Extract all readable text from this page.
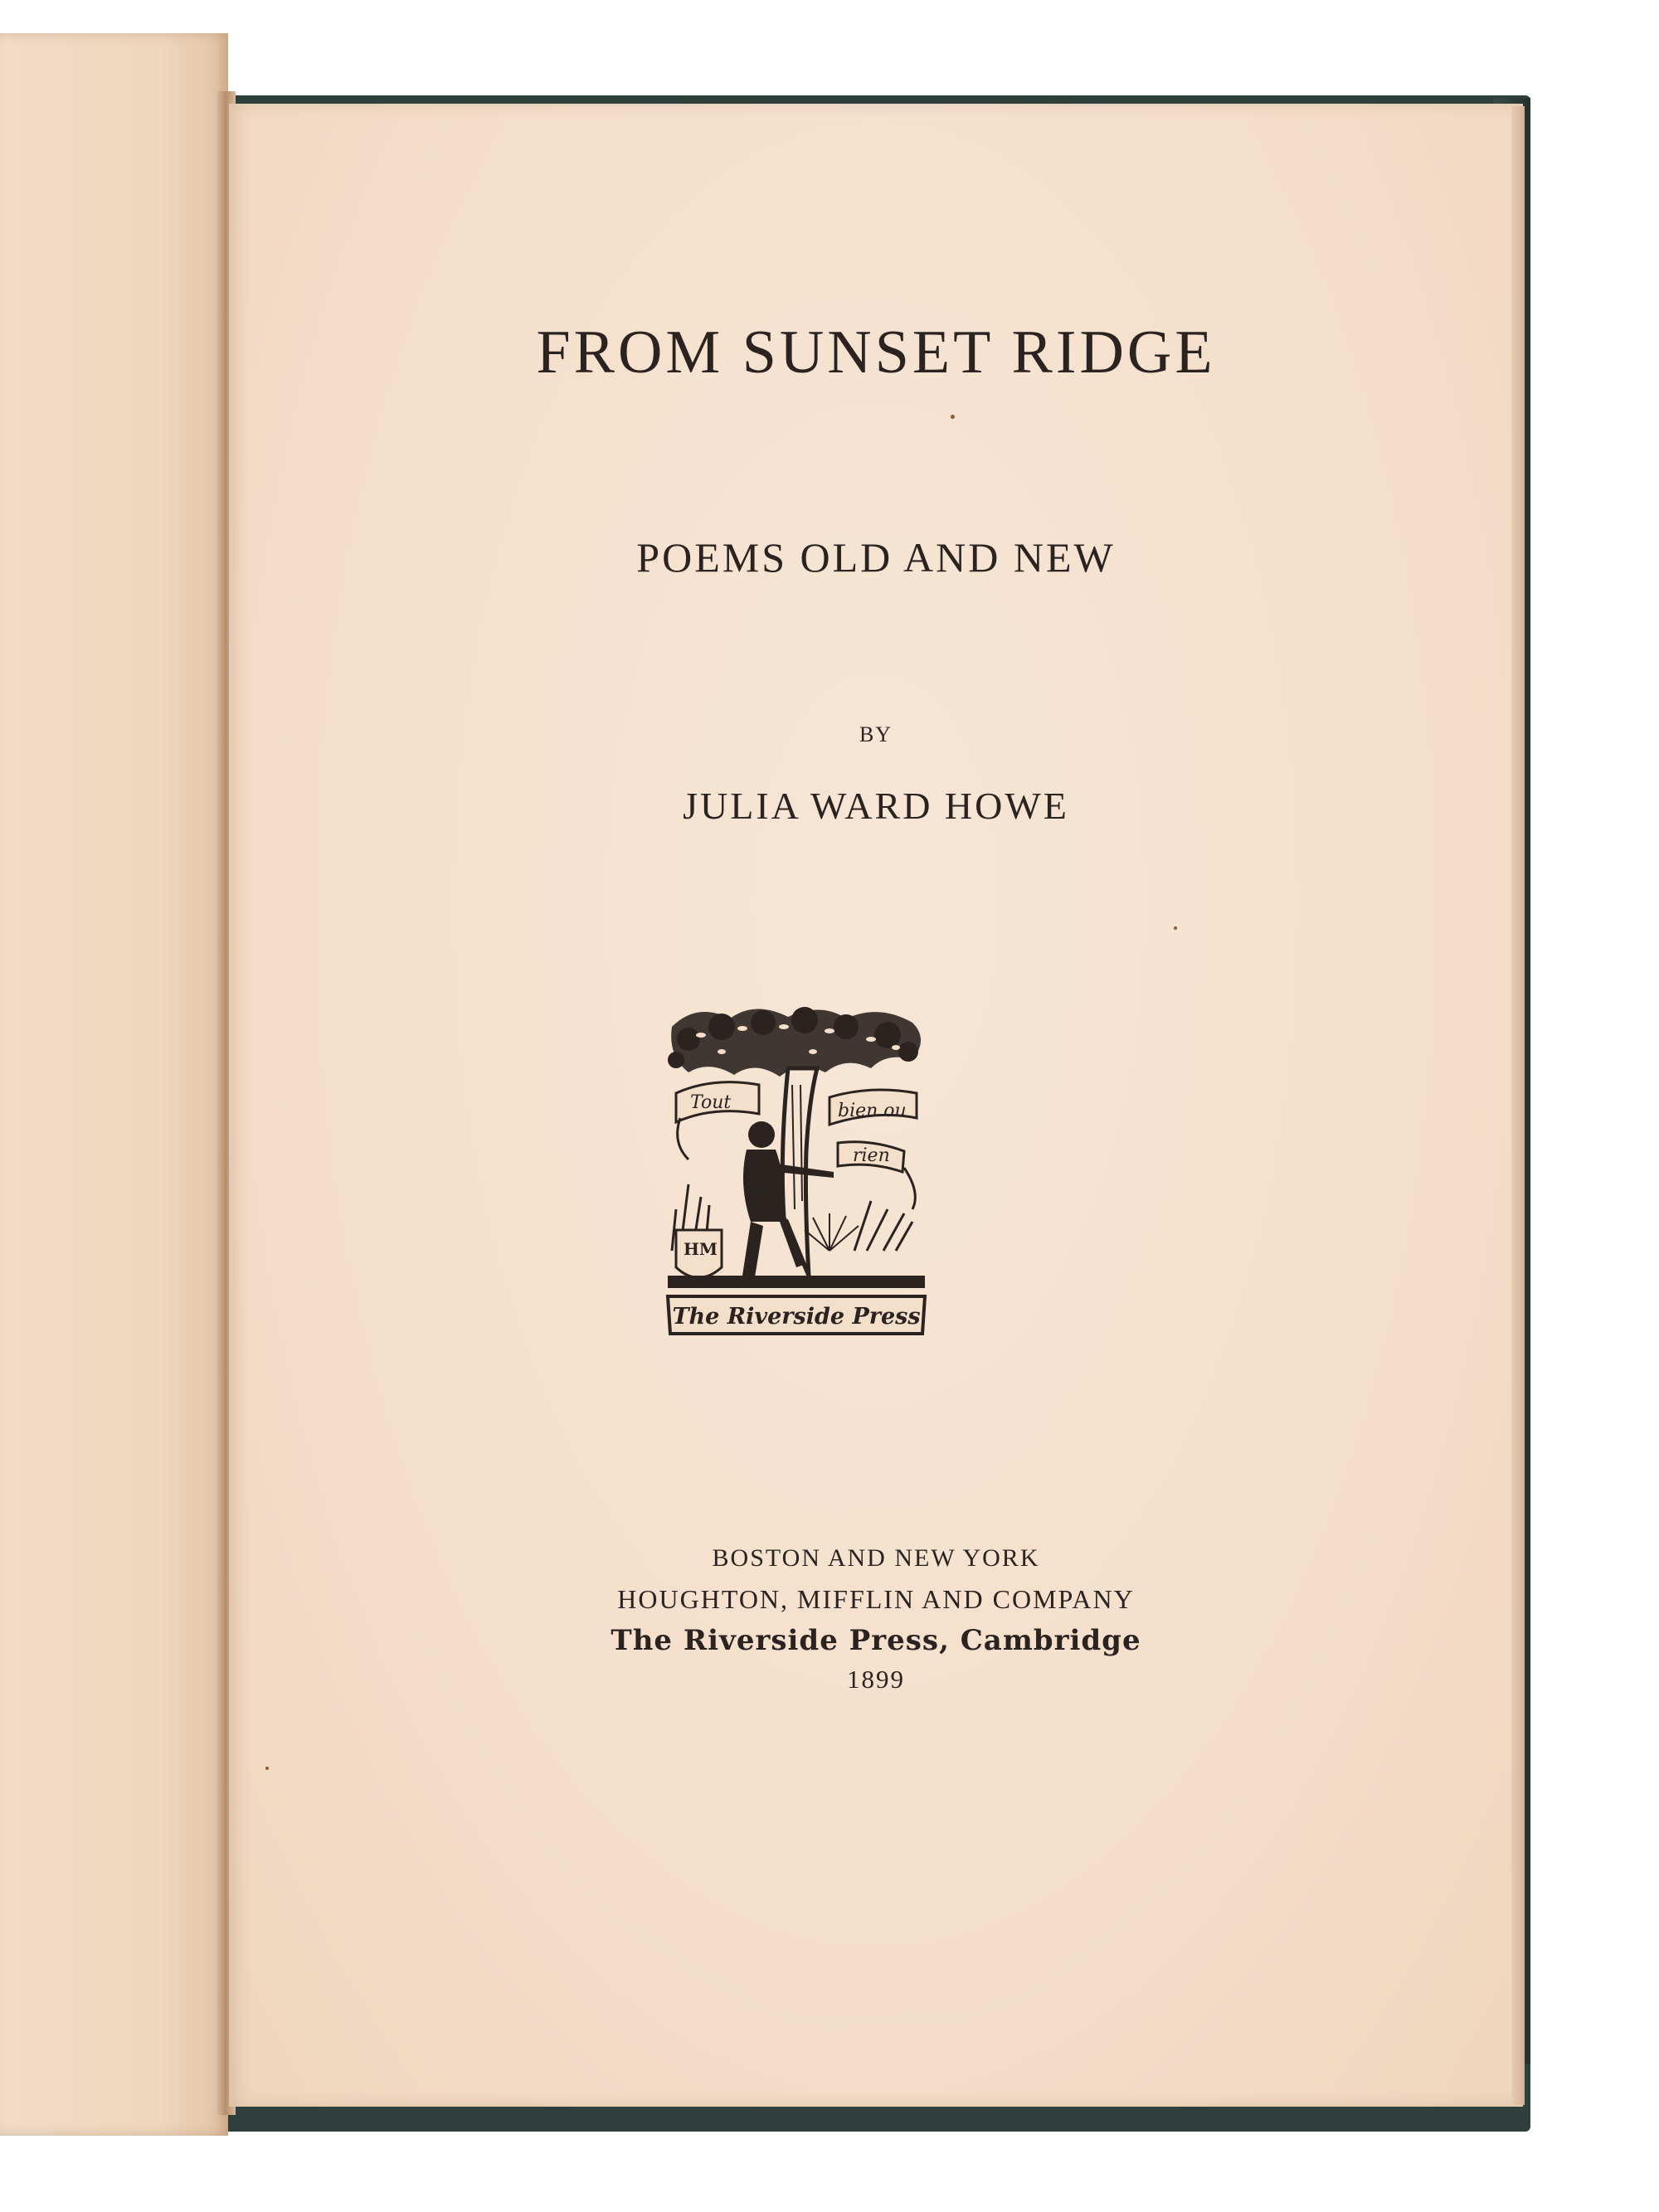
FROM SUNSET RIDGE
POEMS OLD AND NEW
BY
JULIA WARD HOWE
Tout	bien ou
rien
HM
The Riverside Press
BOSTON AND NEW YORK
HOUGHTON, MIFFLIN AND COMPANY
The Riverside Press, Cambridge
1899
